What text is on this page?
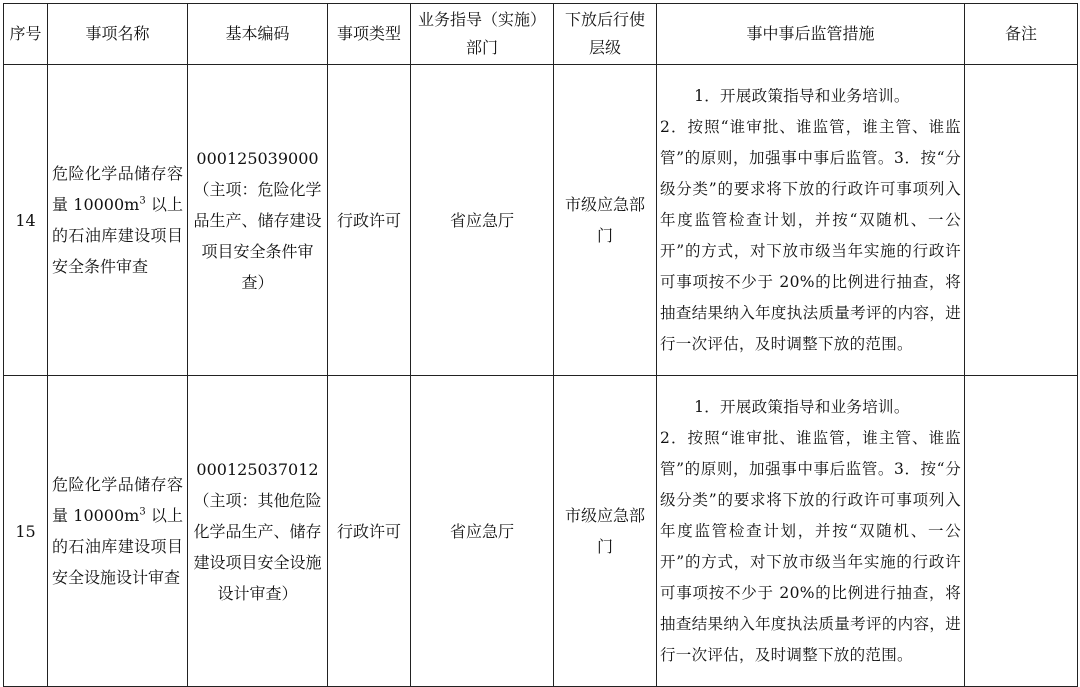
序号	事项名称	基本编码	事项类型	业务指导（实施）部门	下放后行使层级	事中事后监管措施	备注
14	危险化学品储存容量 $10000m^3$ 以上的石油库建设项目安全条件审查	000125039000（主项：危险化学品生产、储存建设项目安全条件审查）	行政许可	省应急厅	市级应急部门	1．开展政策指导和业务培训。
2．按照“谁审批、谁监管，谁主管、谁监管”的原则，加强事中事后监管。3．按“分级分类”的要求将下放的行政许可事项列入年度监管检查计划，并按“双随机、一公开”的方式，对下放市级当年实施的行政许可事项按不少于 20%的比例进行抽查，将抽查结果纳入年度执法质量考评的内容，进行一次评估，及时调整下放的范围。	

15	危险化学品储存容量 $10000m^3$ 以上的石油库建设项目安全设施设计审查	000125037012（主项：其他危险化学品生产、储存建设项目安全设施设计审查）	行政许可	省应急厅	市级应急部门	1．开展政策指导和业务培训。
2．按照“谁审批、谁监管，谁主管、谁监管”的原则，加强事中事后监管。3．按“分级分类”的要求将下放的行政许可事项列入年度监管检查计划，并按“双随机、一公开”的方式，对下放市级当年实施的行政许可事项按不少于 20%的比例进行抽查，将抽查结果纳入年度执法质量考评的内容，进行一次评估，及时调整下放的范围。	
